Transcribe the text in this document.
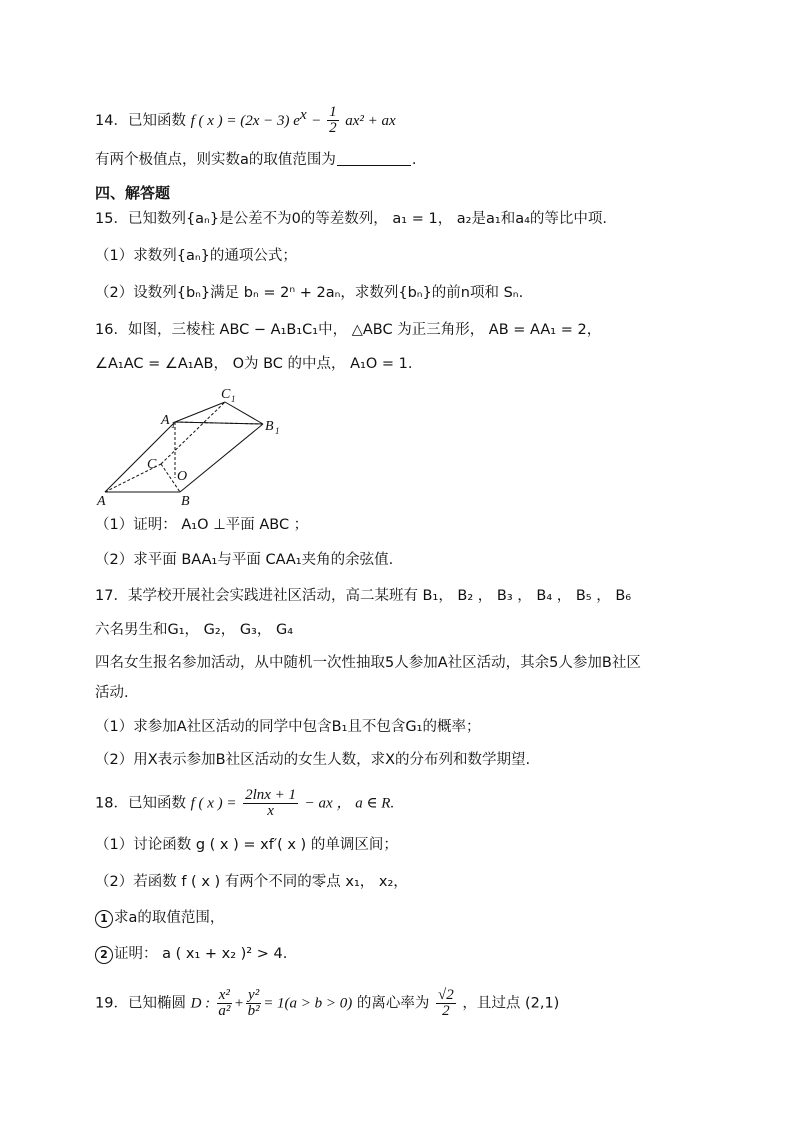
14．已知函数 f ( x ) = (2x − 3) $e^x - \frac{1}{2} ax^2$ + ax
有两个极值点，则实数a的取值范围为	.
四、解答题
15．已知数列{aₙ}是公差不为0的等差数列， a₁ = 1， a₂是a₁和a₄的等比中项.
（1）求数列{aₙ}的通项公式；
（2）设数列{bₙ}满足 bₙ = 2ⁿ + 2aₙ，求数列{bₙ}的前n项和 Sₙ.
16．如图，三棱柱 ABC − A₁B₁C₁中， △ABC 为正三角形， AB = AA₁ = 2，
∠A₁AC = ∠A₁AB， O为 BC 的中点， A₁O = 1.
A	B
C
O
A 1
C 1
B 1
（1）证明： A₁O ⊥平面 ABC ；
（2）求平面 BAA₁与平面 CAA₁夹角的余弦值.
17．某学校开展社会实践进社区活动，高二某班有 B₁， B₂ ， B₃ ， B₄ ， B₅ ， B₆
六名男生和G₁， G₂， G₃， G₄
四名女生报名参加活动，从中随机一次性抽取5人参加A社区活动，其余5人参加B社区
活动.
（1）求参加A社区活动的同学中包含B₁且不包含G₁的概率；
（2）用X表示参加B社区活动的女生人数，求X的分布列和数学期望.
18．已知函数 f ( x ) = $\frac{2\ln x + 1}{x}$ − ax ， a ∈ R.
（1）讨论函数 g ( x ) = xf′( x ) 的单调区间；
（2）若函数 f ( x ) 有两个不同的零点 x₁， x₂，
1 求a的取值范围，
2 证明： a ( x₁ + x₂ )² > 4.
19．已知椭圆 D : $\frac{\text{x²}}{\text{a²}} + \frac{\text{y²}}{\text{b²}} = 1(a > b > 0)$ 的离心率为 $\frac{√2}{2}$ ，且过点 (2,1)
